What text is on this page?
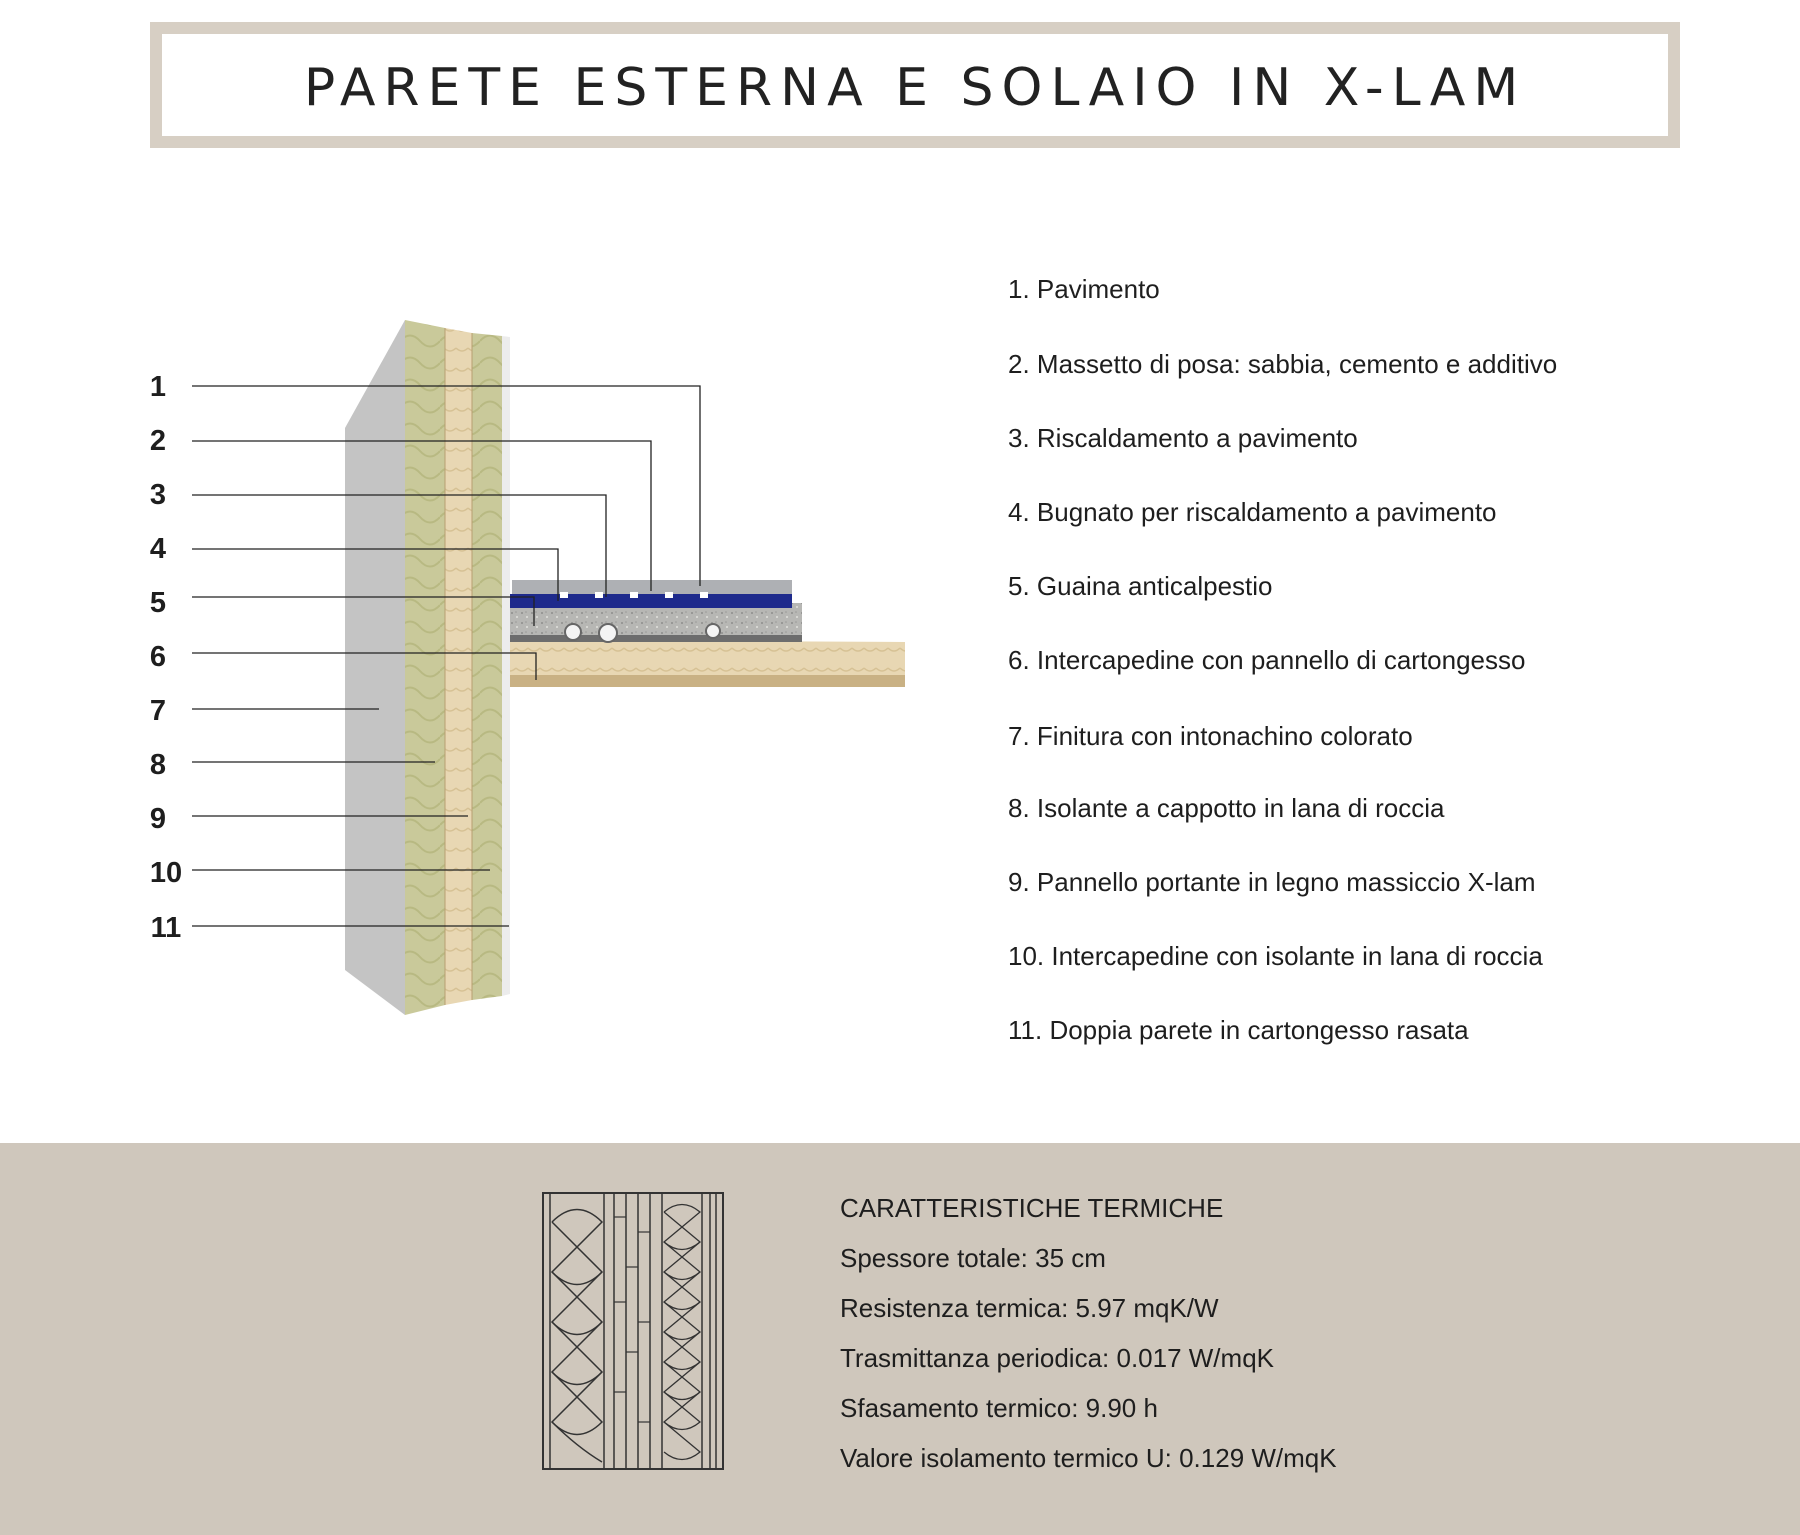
PARETE ESTERNA E SOLAIO IN X-LAM
1
2
3
4
5
6
7
8
9
10
11
1. Pavimento
2. Massetto di posa: sabbia, cemento e additivo
3. Riscaldamento a pavimento
4. Bugnato per riscaldamento a pavimento
5. Guaina anticalpestio
6. Intercapedine con pannello di cartongesso
7. Finitura con intonachino colorato
8. Isolante a cappotto in lana di roccia
9. Pannello portante in legno massiccio X-lam
10. Intercapedine con isolante in lana di roccia
11. Doppia parete in cartongesso rasata
CARATTERISTICHE TERMICHE
Spessore totale: 35 cm
Resistenza termica: 5.97 mqK/W
Trasmittanza periodica: 0.017 W/mqK
Sfasamento termico: 9.90 h
Valore isolamento termico U: 0.129 W/mqK
